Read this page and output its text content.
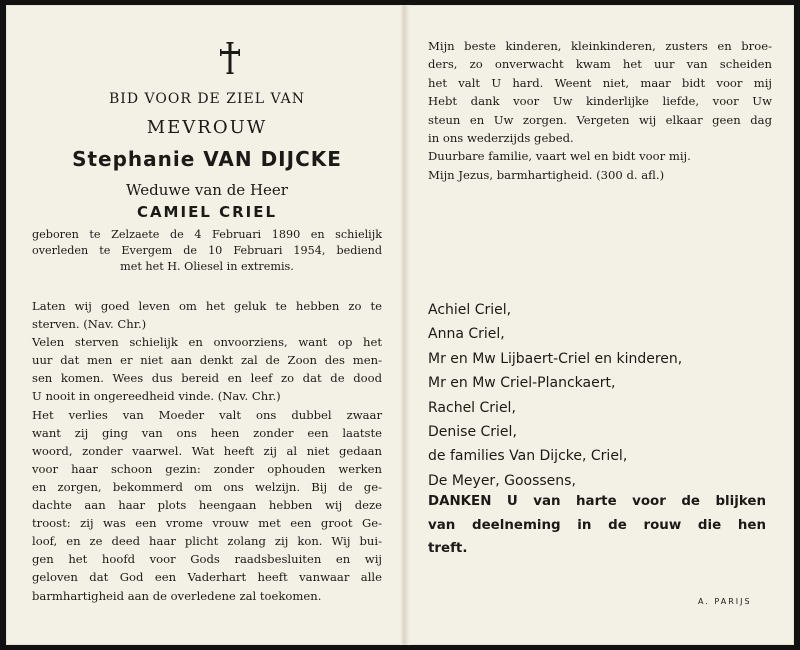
BID VOOR DE ZIEL VAN
MEVROUW
Stephanie VAN DIJCKE
Weduwe van de Heer
CAMIEL CRIEL
geboren te Zelzaete de 4 Februari 1890 en schielijk
overleden te Evergem de 10 Februari 1954, bediend
met het H. Oliesel in extremis.
Laten wij goed leven om het geluk te hebben zo te
sterven. (Nav. Chr.)
Velen sterven schielijk en onvoorziens, want op het
uur dat men er niet aan denkt zal de Zoon des men-
sen komen. Wees dus bereid en leef zo dat de dood
U nooit in ongereedheid vinde. (Nav. Chr.)
Het verlies van Moeder valt ons dubbel zwaar
want zij ging van ons heen zonder een laatste
woord, zonder vaarwel. Wat heeft zij al niet gedaan
voor haar schoon gezin: zonder ophouden werken
en zorgen, bekommerd om ons welzijn. Bij de ge-
dachte aan haar plots heengaan hebben wij deze
troost: zij was een vrome vrouw met een groot Ge-
loof, en ze deed haar plicht zolang zij kon. Wij bui-
gen het hoofd voor Gods raadsbesluiten en wij
geloven dat God een Vaderhart heeft vanwaar alle
barmhartigheid aan de overledene zal toekomen.
Mijn beste kinderen, kleinkinderen, zusters en broe-
ders, zo onverwacht kwam het uur van scheiden
het valt U hard. Weent niet, maar bidt voor mij
Hebt dank voor Uw kinderlijke liefde, voor Uw
steun en Uw zorgen. Vergeten wij elkaar geen dag
in ons wederzijds gebed.
Duurbare familie, vaart wel en bidt voor mij.
Mijn Jezus, barmhartigheid. (300 d. afl.)
Achiel Criel,
Anna Criel,
Mr en Mw Lijbaert-Criel en kinderen,
Mr en Mw Criel-Planckaert,
Rachel Criel,
Denise Criel,
de families Van Dijcke, Criel,
De Meyer, Goossens,
DANKEN U van harte voor de blijken
van deelneming in de rouw die hen
treft.
A. PARIJS
